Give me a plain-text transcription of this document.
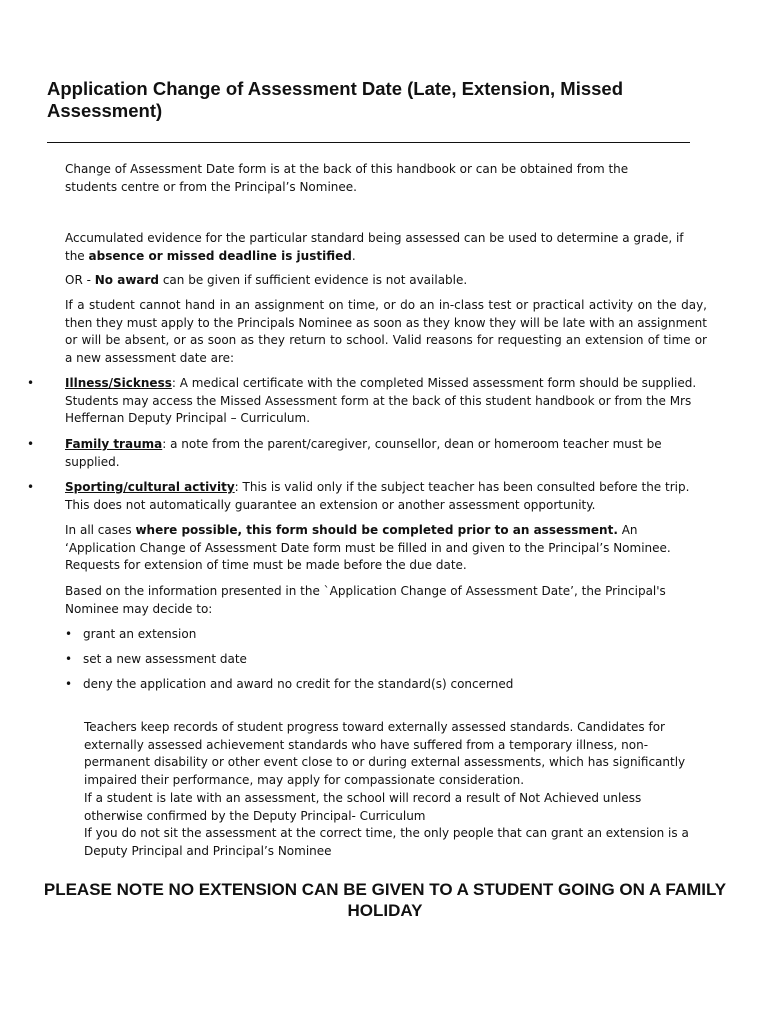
Application Change of Assessment Date (Late, Extension, Missed Assessment)

Change of Assessment Date form is at the back of this handbook or can be obtained from the students centre or from the Principal’s Nominee.

Accumulated evidence for the particular standard being assessed can be used to determine a grade, if the absence or missed deadline is justified.

OR - No award can be given if sufficient evidence is not available.

If a student cannot hand in an assignment on time, or do an in-class test or practical activity on the day, then they must apply to the Principals Nominee as soon as they know they will be late with an assignment or will be absent, or as soon as they return to school. Valid reasons for requesting an extension of time or a new assessment date are:

•	Illness/Sickness: A medical certificate with the completed Missed assessment form should be supplied. Students may access the Missed Assessment form at the back of this student handbook or from the Mrs Heffernan Deputy Principal – Curriculum.

•	Family trauma: a note from the parent/caregiver, counsellor, dean or homeroom teacher must be supplied.

•	Sporting/cultural activity: This is valid only if the subject teacher has been consulted before the trip. This does not automatically guarantee an extension or another assessment opportunity.

In all cases where possible, this form should be completed prior to an assessment. An ‘Application Change of Assessment Date form must be filled in and given to the Principal’s Nominee. Requests for extension of time must be made before the due date.

Based on the information presented in the `Application Change of Assessment Date’, the Principal's Nominee may decide to:

• grant an extension
• set a new assessment date
• deny the application and award no credit for the standard(s) concerned

Teachers keep records of student progress toward externally assessed standards. Candidates for externally assessed achievement standards who have suffered from a temporary illness, non-permanent disability or other event close to or during external assessments, which has significantly impaired their performance, may apply for compassionate consideration.

If a student is late with an assessment, the school will record a result of Not Achieved unless otherwise confirmed by the Deputy Principal- Curriculum

If you do not sit the assessment at the correct time, the only people that can grant an extension is a Deputy Principal and Principal’s Nominee

PLEASE NOTE NO EXTENSION CAN BE GIVEN TO A STUDENT GOING ON A FAMILY HOLIDAY
